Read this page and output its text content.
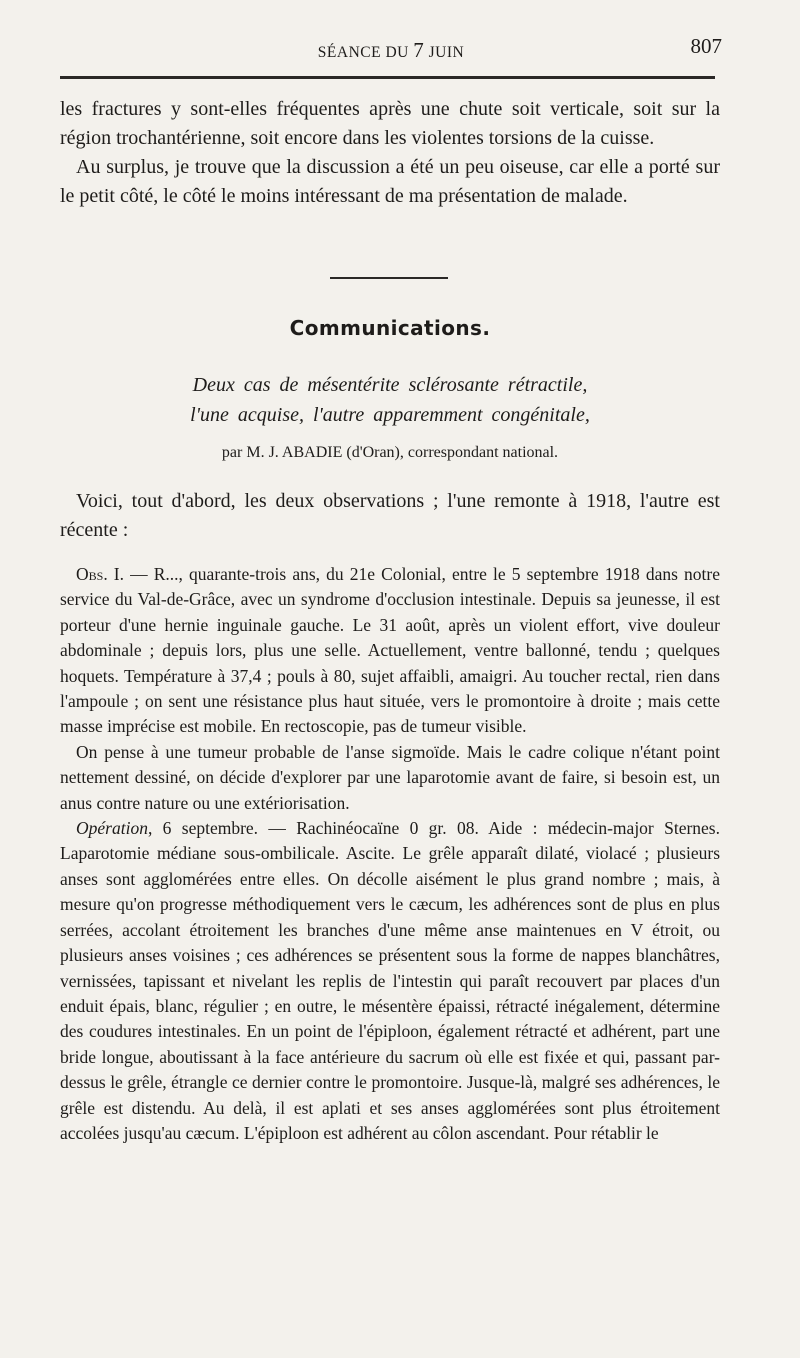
SÉANCE DU 7 JUIN	807

les fractures y sont-elles fréquentes après une chute soit verticale, soit sur la région trochantérienne, soit encore dans les violentes torsions de la cuisse.

Au surplus, je trouve que la discussion a été un peu oiseuse, car elle a porté sur le petit côté, le côté le moins intéressant de ma présentation de malade.

Communications.
Deux cas de mésentérite sclérosante rétractile,
l'une acquise, l'autre apparemment congénitale,
par M. J. ABADIE (d'Oran), correspondant national.

Voici, tout d'abord, les deux observations ; l'une remonte à 1918, l'autre est récente :

Obs. I. — R..., quarante-trois ans, du 21e Colonial, entre le 5 septembre 1918 dans notre service du Val-de-Grâce, avec un syndrome d'occlusion intestinale. Depuis sa jeunesse, il est porteur d'une hernie inguinale gauche. Le 31 août, après un violent effort, vive douleur abdominale ; depuis lors, plus une selle. Actuellement, ventre ballonné, tendu ; quelques hoquets. Température à 37,4 ; pouls à 80, sujet affaibli, amaigri. Au toucher rectal, rien dans l'ampoule ; on sent une résistance plus haut située, vers le promontoire à droite ; mais cette masse imprécise est mobile. En rectoscopie, pas de tumeur visible.

On pense à une tumeur probable de l'anse sigmoïde. Mais le cadre colique n'étant point nettement dessiné, on décide d'explorer par une laparotomie avant de faire, si besoin est, un anus contre nature ou une extériorisation.

Opération, 6 septembre. — Rachinéocaïne 0 gr. 08. Aide : médecin-major Sternes. Laparotomie médiane sous-ombilicale. Ascite. Le grêle apparaît dilaté, violacé ; plusieurs anses sont agglomérées entre elles. On décolle aisément le plus grand nombre ; mais, à mesure qu'on progresse méthodiquement vers le cæcum, les adhérences sont de plus en plus serrées, accolant étroitement les branches d'une même anse maintenues en V étroit, ou plusieurs anses voisines ; ces adhérences se présentent sous la forme de nappes blanchâtres, vernissées, tapissant et nivelant les replis de l'intestin qui paraît recouvert par places d'un enduit épais, blanc, régulier ; en outre, le mésentère épaissi, rétracté inégalement, détermine des coudures intestinales. En un point de l'épiploon, également rétracté et adhérent, part une bride longue, aboutissant à la face antérieure du sacrum où elle est fixée et qui, passant par-dessus le grêle, étrangle ce dernier contre le promontoire. Jusque-là, malgré ses adhérences, le grêle est distendu. Au delà, il est aplati et ses anses agglomérées sont plus étroitement accolées jusqu'au cæcum. L'épiploon est adhérent au côlon ascendant. Pour rétablir le
